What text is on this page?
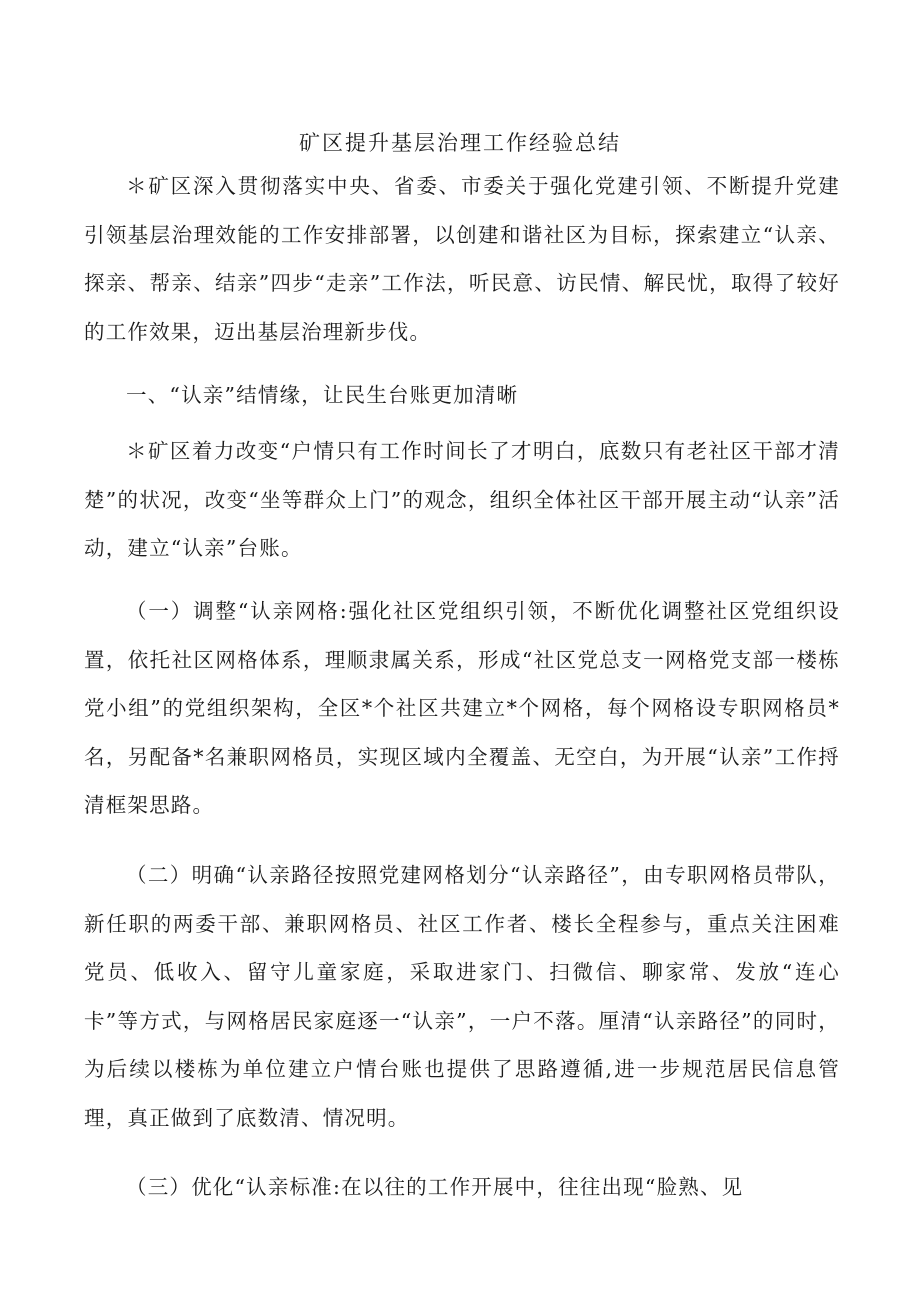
矿区提升基层治理工作经验总结

＊矿区深入贯彻落实中央、省委、市委关于强化党建引领、不断提升党建引领基层治理效能的工作安排部署，以创建和谐社区为目标，探索建立“认亲、探亲、帮亲、结亲”四步“走亲”工作法，听民意、访民情、解民忧，取得了较好的工作效果，迈出基层治理新步伐。

一、“认亲”结情缘，让民生台账更加清晰

＊矿区着力改变“户情只有工作时间长了才明白，底数只有老社区干部才清楚”的状况，改变“坐等群众上门”的观念，组织全体社区干部开展主动“认亲”活动，建立“认亲”台账。

（一）调整“认亲网格:强化社区党组织引领，不断优化调整社区党组织设置，依托社区网格体系，理顺隶属关系，形成“社区党总支一网格党支部一楼栋党小组”的党组织架构，全区*个社区共建立*个网格，每个网格设专职网格员*名，另配备*名兼职网格员，实现区域内全覆盖、无空白，为开展“认亲”工作捋清框架思路。

（二）明确“认亲路径按照党建网格划分“认亲路径”，由专职网格员带队，新任职的两委干部、兼职网格员、社区工作者、楼长全程参与，重点关注困难党员、低收入、留守儿童家庭，采取进家门、扫微信、聊家常、发放“连心卡”等方式，与网格居民家庭逐一“认亲”，一户不落。厘清“认亲路径”的同时，为后续以楼栋为单位建立户情台账也提供了思路遵循,进一步规范居民信息管理，真正做到了底数清、情况明。

（三）优化“认亲标准:在以往的工作开展中，往往出现“脸熟、见
